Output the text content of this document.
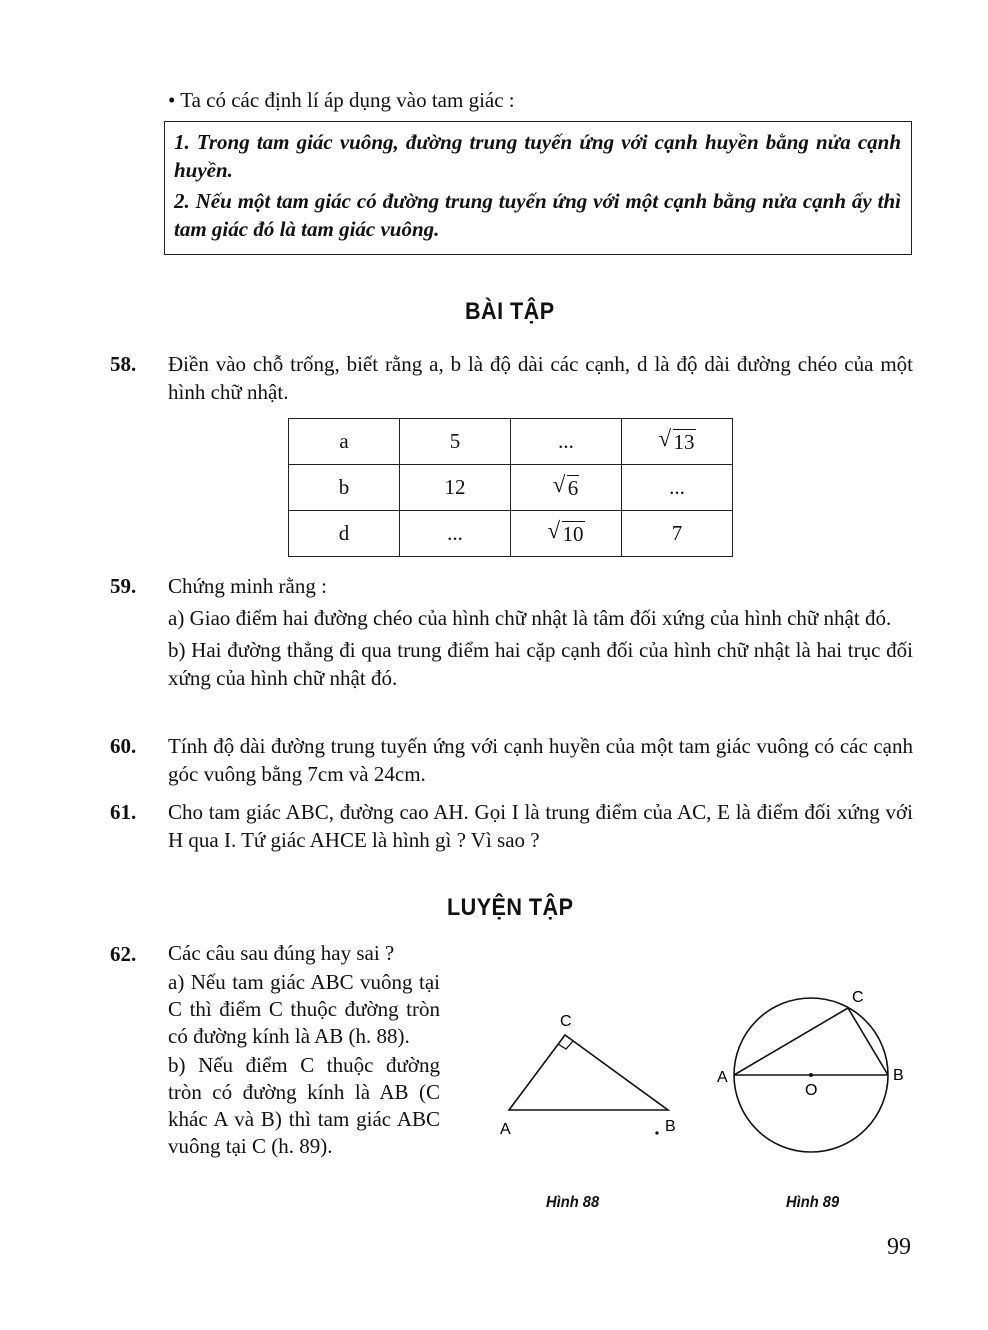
• Ta có các định lí áp dụng vào tam giác :

1. Trong tam giác vuông, đường trung tuyến ứng với cạnh huyền bằng nửa cạnh huyền.

2. Nếu một tam giác có đường trung tuyến ứng với một cạnh bằng nửa cạnh ấy thì tam giác đó là tam giác vuông.

BÀI TẬP
58. Điền vào chỗ trống, biết rằng a, b là độ dài các cạnh, d là độ dài đường chéo của một hình chữ nhật.
a	5	...	√ 13
b	12	√ 6	...
d	...	√ 10	7
59. Chứng minh rằng :
a) Giao điểm hai đường chéo của hình chữ nhật là tâm đối xứng của hình chữ nhật đó.
b) Hai đường thẳng đi qua trung điểm hai cặp cạnh đối của hình chữ nhật là hai trục đối xứng của hình chữ nhật đó.
60. Tính độ dài đường trung tuyến ứng với cạnh huyền của một tam giác vuông có các cạnh góc vuông bằng 7cm và 24cm.
61. Cho tam giác ABC, đường cao AH. Gọi I là trung điểm của AC, E là điểm đối xứng với H qua I. Tứ giác AHCE là hình gì ? Vì sao ?
LUYỆN TẬP
62. Các câu sau đúng hay sai ?
a) Nếu tam giác ABC vuông tại C thì điểm C thuộc đường tròn có đường kính là AB (h. 88).
b) Nếu điểm C thuộc đường tròn có đường kính là AB (C khác A và B) thì tam giác ABC vuông tại C (h. 89).
C
A	B
Hình 88
C
A	B
O
Hình 89
99
